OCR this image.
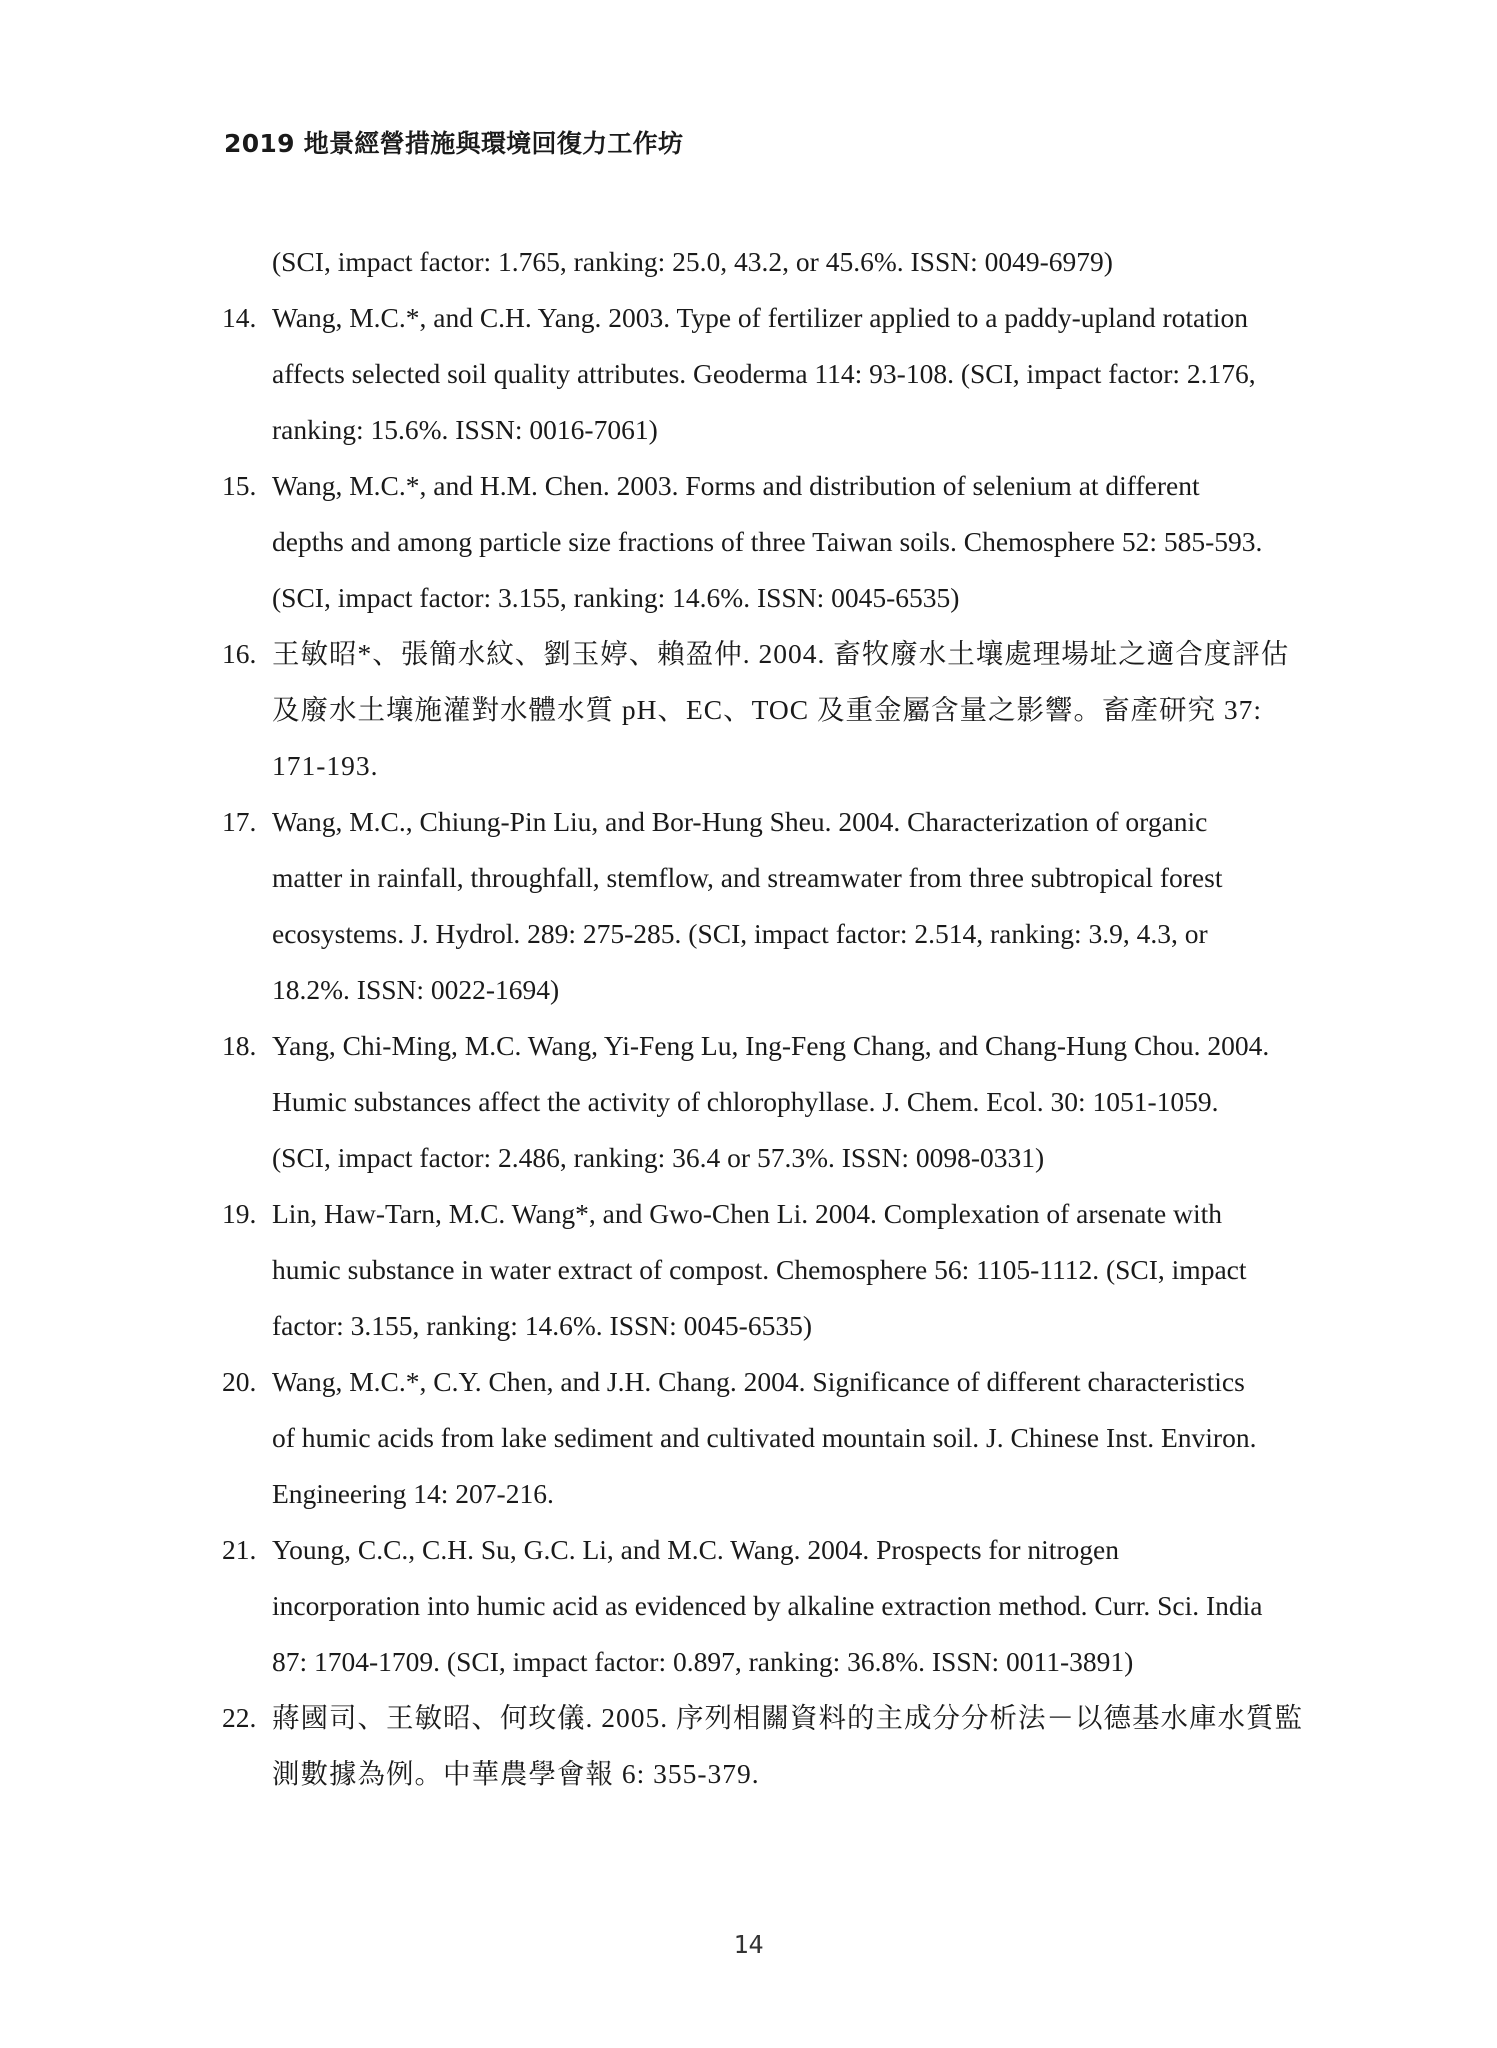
2019 地景經營措施與環境回復力工作坊
(SCI, impact factor: 1.765, ranking: 25.0, 43.2, or 45.6%. ISSN: 0049-6979)
14. Wang, M.C.*, and C.H. Yang. 2003. Type of fertilizer applied to a paddy-upland rotation
affects selected soil quality attributes. Geoderma 114: 93-108. (SCI, impact factor: 2.176,
ranking: 15.6%. ISSN: 0016-7061)
15. Wang, M.C.*, and H.M. Chen. 2003. Forms and distribution of selenium at different
depths and among particle size fractions of three Taiwan soils. Chemosphere 52: 585-593.
(SCI, impact factor: 3.155, ranking: 14.6%. ISSN: 0045-6535)
16. 王敏昭*、張簡水紋、劉玉婷、賴盈仲. 2004. 畜牧廢水土壤處理場址之適合度評估
及廢水土壤施灌對水體水質 pH、EC、TOC 及重金屬含量之影響。畜產研究 37:
171-193.
17. Wang, M.C., Chiung-Pin Liu, and Bor-Hung Sheu. 2004. Characterization of organic
matter in rainfall, throughfall, stemflow, and streamwater from three subtropical forest
ecosystems. J. Hydrol. 289: 275-285. (SCI, impact factor: 2.514, ranking: 3.9, 4.3, or
18.2%. ISSN: 0022-1694)
18. Yang, Chi-Ming, M.C. Wang, Yi-Feng Lu, Ing-Feng Chang, and Chang-Hung Chou. 2004.
Humic substances affect the activity of chlorophyllase. J. Chem. Ecol. 30: 1051-1059.
(SCI, impact factor: 2.486, ranking: 36.4 or 57.3%. ISSN: 0098-0331)
19. Lin, Haw-Tarn, M.C. Wang*, and Gwo-Chen Li. 2004. Complexation of arsenate with
humic substance in water extract of compost. Chemosphere 56: 1105-1112. (SCI, impact
factor: 3.155, ranking: 14.6%. ISSN: 0045-6535)
20. Wang, M.C.*, C.Y. Chen, and J.H. Chang. 2004. Significance of different characteristics
of humic acids from lake sediment and cultivated mountain soil. J. Chinese Inst. Environ.
Engineering 14: 207-216.
21. Young, C.C., C.H. Su, G.C. Li, and M.C. Wang. 2004. Prospects for nitrogen
incorporation into humic acid as evidenced by alkaline extraction method. Curr. Sci. India
87: 1704-1709. (SCI, impact factor: 0.897, ranking: 36.8%. ISSN: 0011-3891)
22. 蔣國司、王敏昭、何玫儀. 2005. 序列相關資料的主成分分析法－以德基水庫水質監
測數據為例。中華農學會報 6: 355-379.
14
